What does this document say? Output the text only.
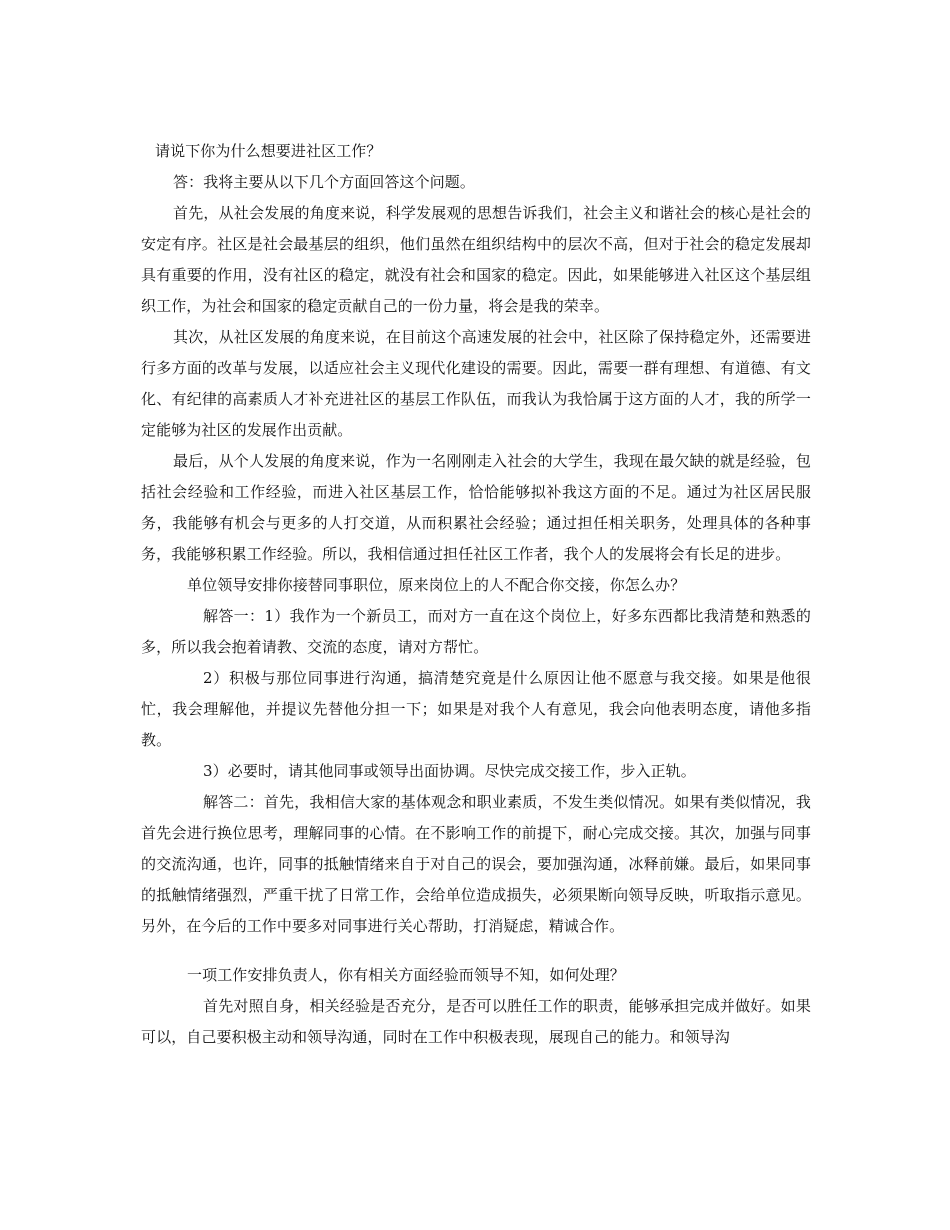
请说下你为什么想要进社区工作？

答：我将主要从以下几个方面回答这个问题。

首先，从社会发展的角度来说，科学发展观的思想告诉我们，社会主义和谐社会的核心是社会的安定有序。社区是社会最基层的组织，他们虽然在组织结构中的层次不高，但对于社会的稳定发展却具有重要的作用，没有社区的稳定，就没有社会和国家的稳定。因此，如果能够进入社区这个基层组织工作，为社会和国家的稳定贡献自己的一份力量，将会是我的荣幸。

其次，从社区发展的角度来说，在目前这个高速发展的社会中，社区除了保持稳定外，还需要进行多方面的改革与发展，以适应社会主义现代化建设的需要。因此，需要一群有理想、有道德、有文化、有纪律的高素质人才补充进社区的基层工作队伍，而我认为我恰属于这方面的人才，我的所学一定能够为社区的发展作出贡献。

最后，从个人发展的角度来说，作为一名刚刚走入社会的大学生，我现在最欠缺的就是经验，包括社会经验和工作经验，而进入社区基层工作，恰恰能够拟补我这方面的不足。通过为社区居民服务，我能够有机会与更多的人打交道，从而积累社会经验；通过担任相关职务，处理具体的各种事务，我能够积累工作经验。所以，我相信通过担任社区工作者，我个人的发展将会有长足的进步。

单位领导安排你接替同事职位，原来岗位上的人不配合你交接，你怎么办？

解答一：1）我作为一个新员工，而对方一直在这个岗位上，好多东西都比我清楚和熟悉的多，所以我会抱着请教、交流的态度，请对方帮忙。

2）积极与那位同事进行沟通，搞清楚究竟是什么原因让他不愿意与我交接。如果是他很忙，我会理解他，并提议先替他分担一下；如果是对我个人有意见，我会向他表明态度，请他多指教。

3）必要时，请其他同事或领导出面协调。尽快完成交接工作，步入正轨。

解答二：首先，我相信大家的基体观念和职业素质，不发生类似情况。如果有类似情况，我首先会进行换位思考，理解同事的心情。在不影响工作的前提下，耐心完成交接。其次，加强与同事的交流沟通，也许，同事的抵触情绪来自于对自己的误会，要加强沟通，冰释前嫌。最后，如果同事的抵触情绪强烈，严重干扰了日常工作，会给单位造成损失，必须果断向领导反映，听取指示意见。另外，在今后的工作中要多对同事进行关心帮助，打消疑虑，精诚合作。

一项工作安排负责人，你有相关方面经验而领导不知，如何处理？

首先对照自身，相关经验是否充分，是否可以胜任工作的职责，能够承担完成并做好。如果可以，自己要积极主动和领导沟通，同时在工作中积极表现，展现自己的能力。和领导沟
